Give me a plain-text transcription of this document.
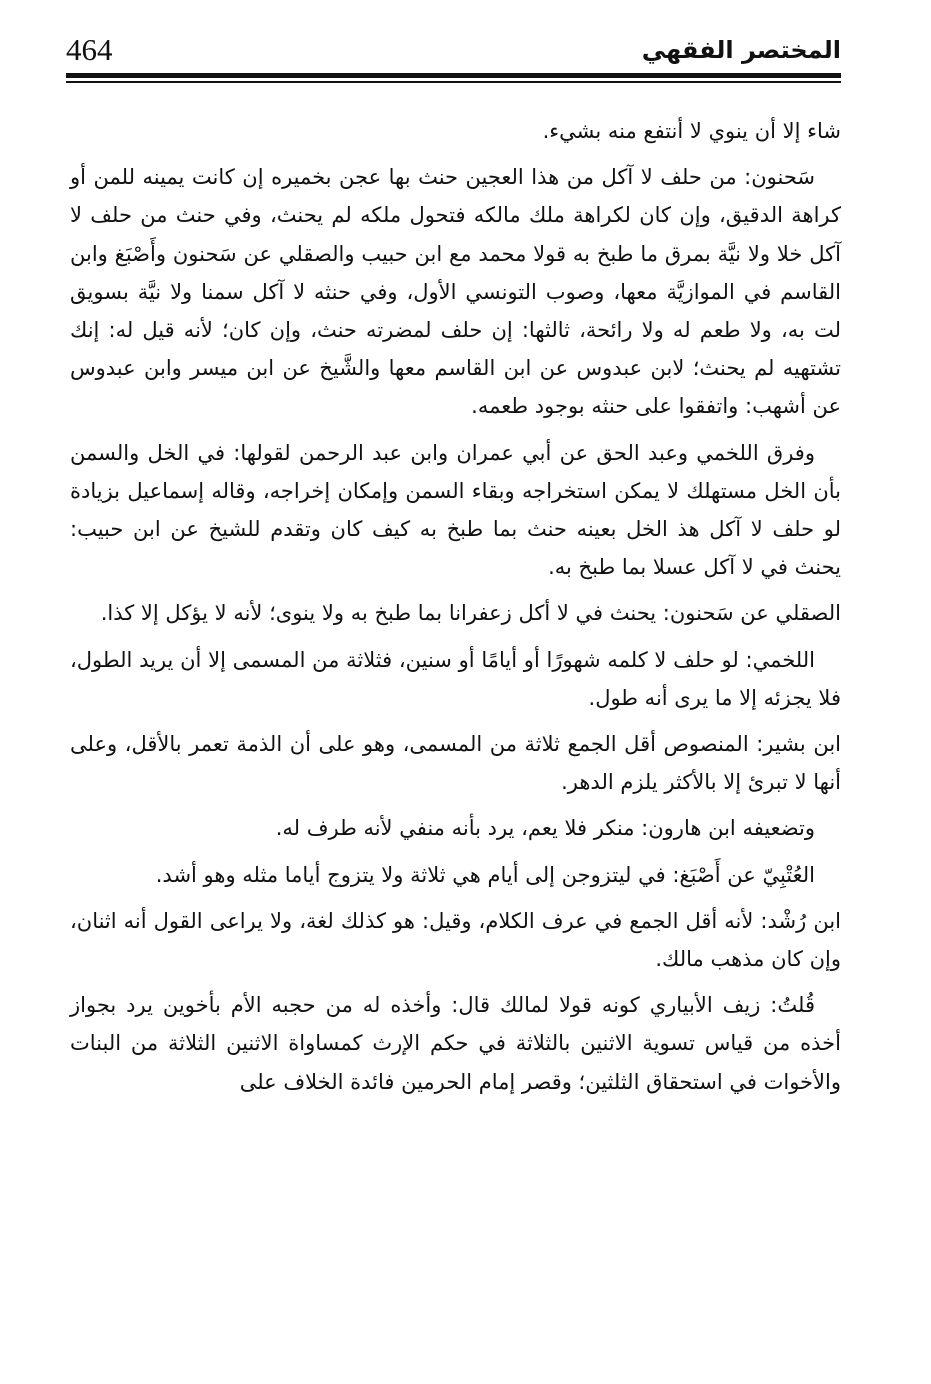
464	المختصر الفقهي

شاء إلا أن ينوي لا أنتفع منه بشيء.

سَحنون: من حلف لا آكل من هذا العجين حنث بها عجن بخميره إن كانت يمينه للمن أو كراهة الدقيق، وإن كان لكراهة ملك مالكه فتحول ملكه لم يحنث، وفي حنث من حلف لا آكل خلا ولا نيَّة بمرق ما طبخ به قولا محمد مع ابن حبيب والصقلي عن سَحنون وأَصْبَغ وابن القاسم في الموازيَّة معها، وصوب التونسي الأول، وفي حنثه لا آكل سمنا ولا نيَّة بسويق لت به، ولا طعم له ولا رائحة، ثالثها: إن حلف لمضرته حنث، وإن كان؛ لأنه قيل له: إنك تشتهيه لم يحنث؛ لابن عبدوس عن ابن القاسم معها والشَّيخ عن ابن ميسر وابن عبدوس عن أشهب: واتفقوا على حنثه بوجود طعمه.

وفرق اللخمي وعبد الحق عن أبي عمران وابن عبد الرحمن لقولها: في الخل والسمن بأن الخل مستهلك لا يمكن استخراجه وبقاء السمن وإمكان إخراجه، وقاله إسماعيل بزيادة لو حلف لا آكل هذ الخل بعينه حنث بما طبخ به كيف كان وتقدم للشيخ عن ابن حبيب: يحنث في لا آكل عسلا بما طبخ به.

الصقلي عن سَحنون: يحنث في لا أكل زعفرانا بما طبخ به ولا ينوى؛ لأنه لا يؤكل إلا كذا.

اللخمي: لو حلف لا كلمه شهورًا أو أيامًا أو سنين، فثلاثة من المسمى إلا أن يريد الطول، فلا يجزئه إلا ما يرى أنه طول.

ابن بشير: المنصوص أقل الجمع ثلاثة من المسمى، وهو على أن الذمة تعمر بالأقل، وعلى أنها لا تبرئ إلا بالأكثر يلزم الدهر.

وتضعيفه ابن هارون: منكر فلا يعم، يرد بأنه منفي لأنه طرف له.

العُتْبِيّ عن أَصْبَغ: في ليتزوجن إلى أيام هي ثلاثة ولا يتزوج أياما مثله وهو أشد.

ابن رُشْد: لأنه أقل الجمع في عرف الكلام، وقيل: هو كذلك لغة، ولا يراعى القول أنه اثنان، وإن كان مذهب مالك.

قُلتُ: زيف الأبياري كونه قولا لمالك قال: وأخذه له من حجبه الأم بأخوين يرد بجواز أخذه من قياس تسوية الاثنين بالثلاثة في حكم الإرث كمساواة الاثنين الثلاثة من البنات والأخوات في استحقاق الثلثين؛ وقصر إمام الحرمين فائدة الخلاف على
